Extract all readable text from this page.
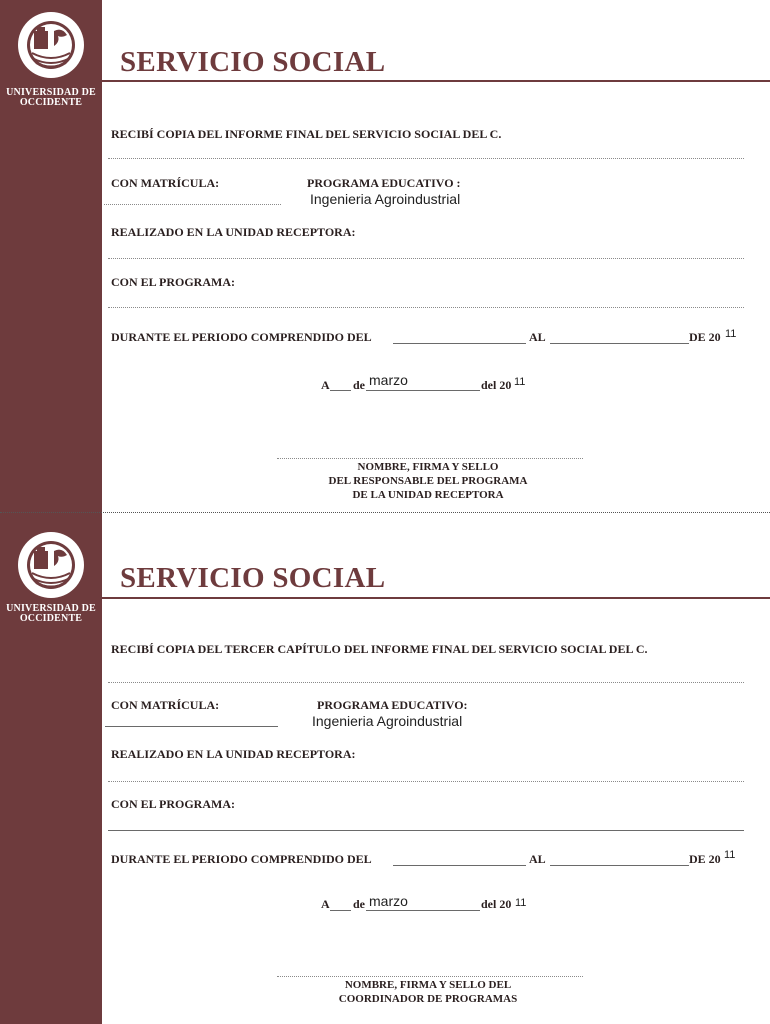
UNIVERSIDAD DE
OCCIDENTE
UNIVERSIDAD DE
OCCIDENTE
SERVICIO SOCIAL
RECIBÍ COPIA DEL INFORME FINAL DEL SERVICIO SOCIAL DEL C.
CON MATRÍCULA:	PROGRAMA EDUCATIVO :
Ingenieria Agroindustrial
REALIZADO EN LA UNIDAD RECEPTORA:
CON EL PROGRAMA:
DURANTE EL PERIODO COMPRENDIDO DEL	AL	DE 20 11
A de marzo	del 20 11
NOMBRE, FIRMA Y SELLO
DEL RESPONSABLE DEL PROGRAMA
DE LA UNIDAD RECEPTORA
SERVICIO SOCIAL
RECIBÍ COPIA DEL TERCER CAPÍTULO DEL INFORME FINAL DEL SERVICIO SOCIAL DEL C.
CON MATRÍCULA:	PROGRAMA EDUCATIVO:
Ingenieria Agroindustrial
REALIZADO EN LA UNIDAD RECEPTORA:
CON EL PROGRAMA:
DURANTE EL PERIODO COMPRENDIDO DEL	AL	DE 20 11
A de marzo	del 20 11
NOMBRE, FIRMA Y SELLO DEL
COORDINADOR DE PROGRAMAS
